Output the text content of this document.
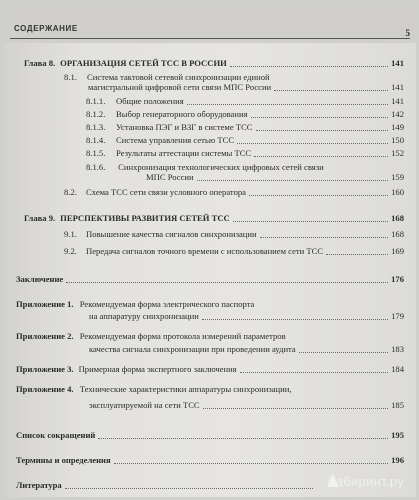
СОДЕРЖАНИЕ	5
Глава 8. ОРГАНИЗАЦИЯ СЕТЕЙ ТСС В РОССИИ	141
8.1. Система тактовой сетевой синхронизации единой
магистральной цифровой сети связи МПС России	141
8.1.1.	Общие положения	141
8.1.2.	Выбор генераторного оборудования	142
8.1.3.	Установка ПЭГ и ВЗГ в системе ТСС	149
8.1.4.	Система управления сетью ТСС	150
8.1.5.	Результаты аттестации системы ТСС	152
8.1.6. Синхронизация технологических цифровых сетей связи
МПС России	159
8.2.	Схема ТСС сети связи условного оператора	160
Глава 9. ПЕРСПЕКТИВЫ РАЗВИТИЯ СЕТЕЙ ТСС	168
9.1.	Повышение качества сигналов синхронизации	168
9.2.	Передача сигналов точного времени с использованием сети ТСС	169
Заключение	176
Приложение 1. Рекомендуемая форма электрического паспорта
на аппаратуру синхронизации	179
Приложение 2. Рекомендуемая форма протокола измерений параметров
качества сигнала синхронизации при проведении аудита	183
Приложение 3. Примерная форма экспертного заключения	184
Приложение 4. Технические характеристики аппаратуры синхронизации,
эксплуатируемой на сети ТСС	185
Список сокращений	195
Термины и определения	196
Литература	Лабиринт.ру
